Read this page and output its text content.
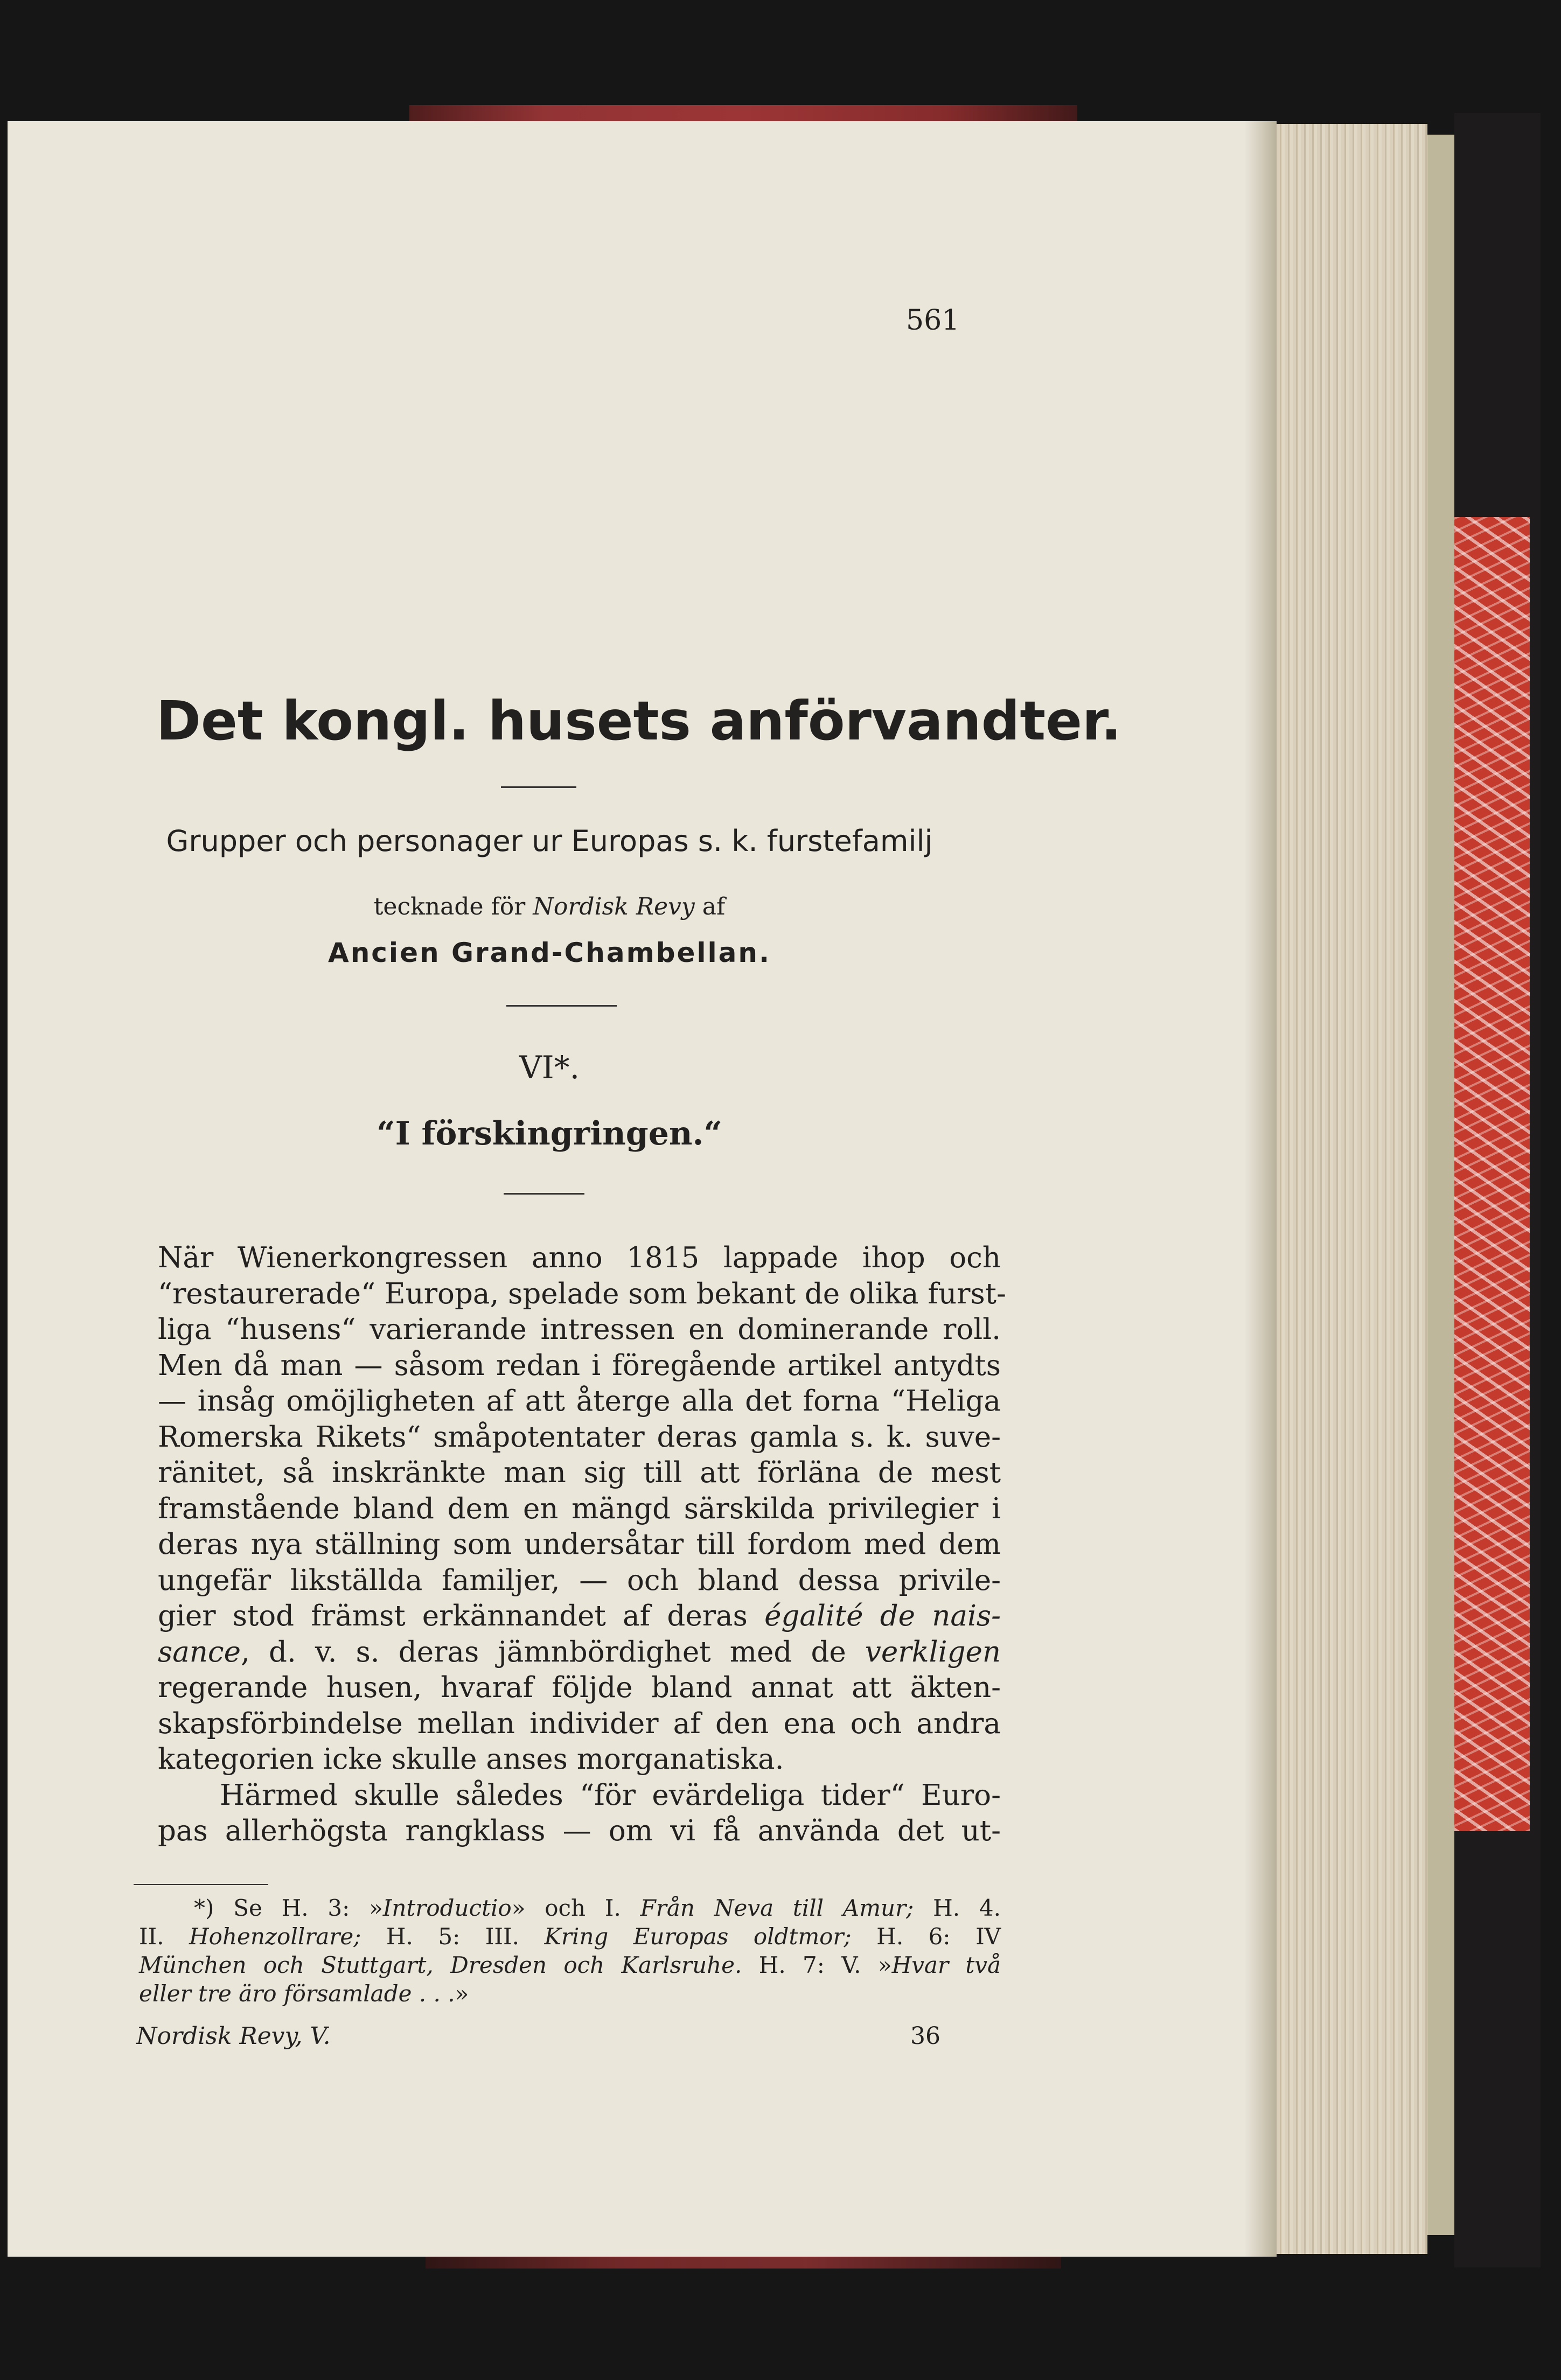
561

Det kongl. husets anförvandter.

Grupper och personager ur Europas s. k. furstefamilj

tecknade för Nordisk Revy af

Ancien Grand-Chambellan.

VI*.

“I förskingringen.“

När Wienerkongressen anno 1815 lappade ihop och

“restaurerade“ Europa, spelade som bekant de olika furst-

liga “husens“ varierande intressen en dominerande roll.

Men då man — såsom redan i föregående artikel antydts

— insåg omöjligheten af att återge alla det forna “Heliga

Romerska Rikets“ småpotentater deras gamla s. k. suve-

ränitet, så inskränkte man sig till att förläna de mest

framstående bland dem en mängd särskilda privilegier i

deras nya ställning som undersåtar till fordom med dem

ungefär likställda familjer, — och bland dessa privile-

gier stod främst erkännandet af deras égalité de nais-

sance, d. v. s. deras jämnbördighet med de verkligen

regerande husen, hvaraf följde bland annat att äkten-

skapsförbindelse mellan individer af den ena och andra

kategorien icke skulle anses morganatiska.

Härmed skulle således “för evärdeliga tider“ Euro-

pas allerhögsta rangklass — om vi få använda det ut-

*) Se H. 3: »Introductio» och I. Från Neva till Amur; H. 4.

II. Hohenzollrare; H. 5: III. Kring Europas oldtmor; H. 6: IV

München och Stuttgart, Dresden och Karlsruhe. H. 7: V. »Hvar två

eller tre äro församlade . . .»

Nordisk Revy, V.	36
